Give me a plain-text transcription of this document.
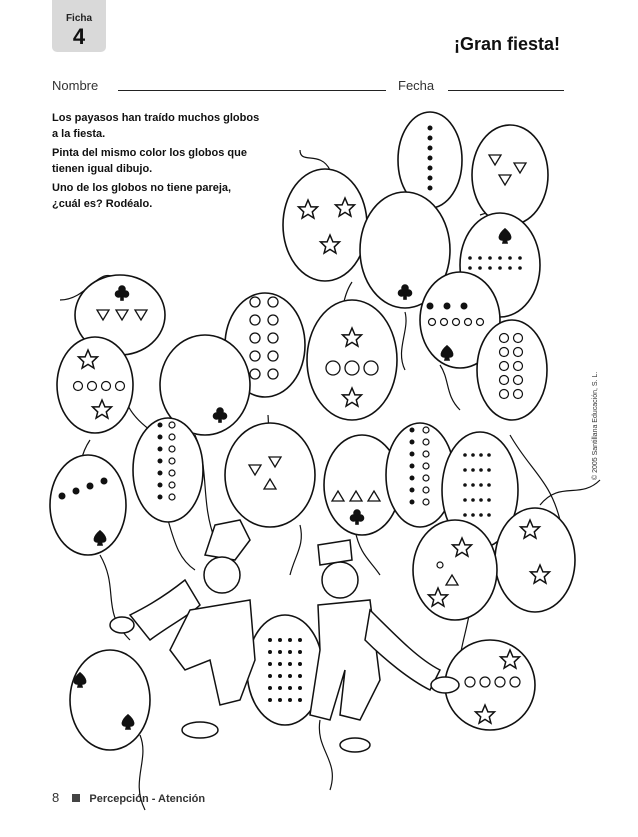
Ficha
4	¡Gran fiesta!
Nombre	Fecha

Los payasos han traído muchos globos a la fiesta.

Pinta del mismo color los globos que tienen igual dibujo.

Uno de los globos no tiene pareja, ¿cuál es? Rodéalo.

© 2005 Santillana Educación, S. L.
8	Percepción - Atención
